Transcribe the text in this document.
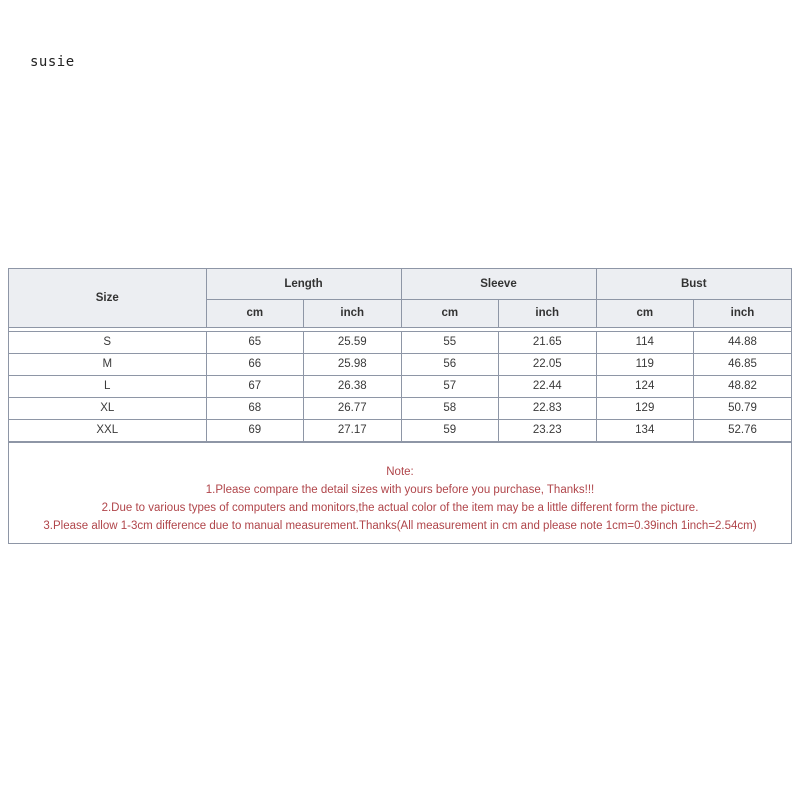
susie
Size	Length		Sleeve		Bust	
	cm	inch	cm	inch	cm	inch

S	65	25.59	55	21.65	114	44.88
M	66	25.98	56	22.05	119	46.85
L	67	26.38	57	22.44	124	48.82
XL	68	26.77	58	22.83	129	50.79
XXL	69	27.17	59	23.23	134	52.76
Note:
1.Please compare the detail sizes with yours before you purchase, Thanks!!!
2.Due to various types of computers and monitors,the actual color of the item may be a little different form the picture.
3.Please allow 1-3cm difference due to manual measurement.Thanks(All measurement in cm and please note 1cm=0.39inch 1inch=2.54cm)
